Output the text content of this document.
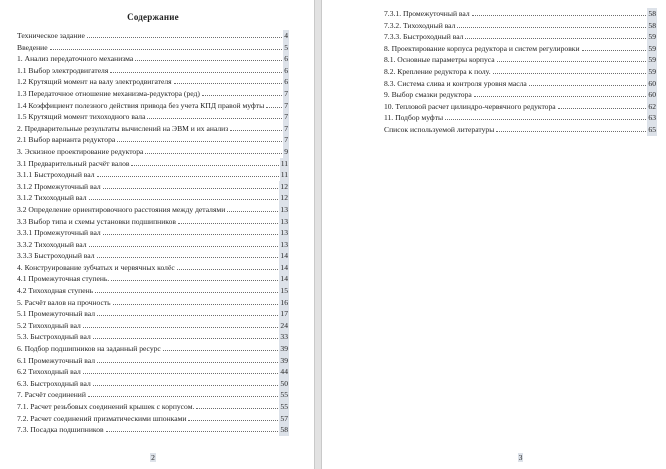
Содержание
Техническое задание	4
Введение	5
1. Анализ передаточного механизма	6
1.1 Выбор электродвигателя	6
1.2 Крутящий момент на валу электродвигателя	6
1.3 Передаточное отношение механизма-редуктора (ред)	7
1.4 Коэффициент полезного действия привода без учета КПД правой муфты	7
1.5 Крутящий момент тихоходного вала	7
2. Предварительные результаты вычислений на ЭВМ и их анализ	7
2.1 Выбор варианта редуктора	7
3. Эскизное проектирование редуктора	9
3.1 Предварительный расчёт валов	11
3.1.1 Быстроходный вал	11
3.1.2 Промежуточный вал	12
3.1.2 Тихоходный вал	12
3.2 Определение ориентировочного расстояния между деталями	13
3.3 Выбор типа и схемы установки подшипников	13
3.3.1 Промежуточный вал	13
3.3.2 Тихоходный вал	13
3.3.3 Быстроходный вал	14
4. Конструирование зубчатых и червячных колёс	14
4.1 Промежуточная ступень.	14
4.2 Тихоходная ступень	15
5. Расчёт валов на прочность	16
5.1 Промежуточный вал	17
5.2 Тихоходный вал	24
5.3. Быстроходный вал	33
6. Подбор подшипников на заданный ресурс	39
6.1 Промежуточный вал	39
6.2 Тихоходный вал	44
6.3. Быстроходный вал	50
7. Расчёт соединений	55
7.1. Расчет резьбовых соединений крышек с корпусом.	55
7.2. Расчет соединений призматическими шпонками	57
7.3. Посадка подшипников	58
2
7.3.1. Промежуточный вал	58
7.3.2. Тихоходный вал	58
7.3.3. Быстроходный вал	59
8. Проектирование корпуса редуктора и систем регулировки	59
8.1. Основные параметры корпуса	59
8.2. Крепление редуктора к полу.	59
8.3. Система слива и контроля уровня масла	60
9. Выбор смазки редуктора	60
10. Тепловой расчет цилиндро-червячного редуктора	62
11. Подбор муфты	63
Список используемой литературы	65
3
